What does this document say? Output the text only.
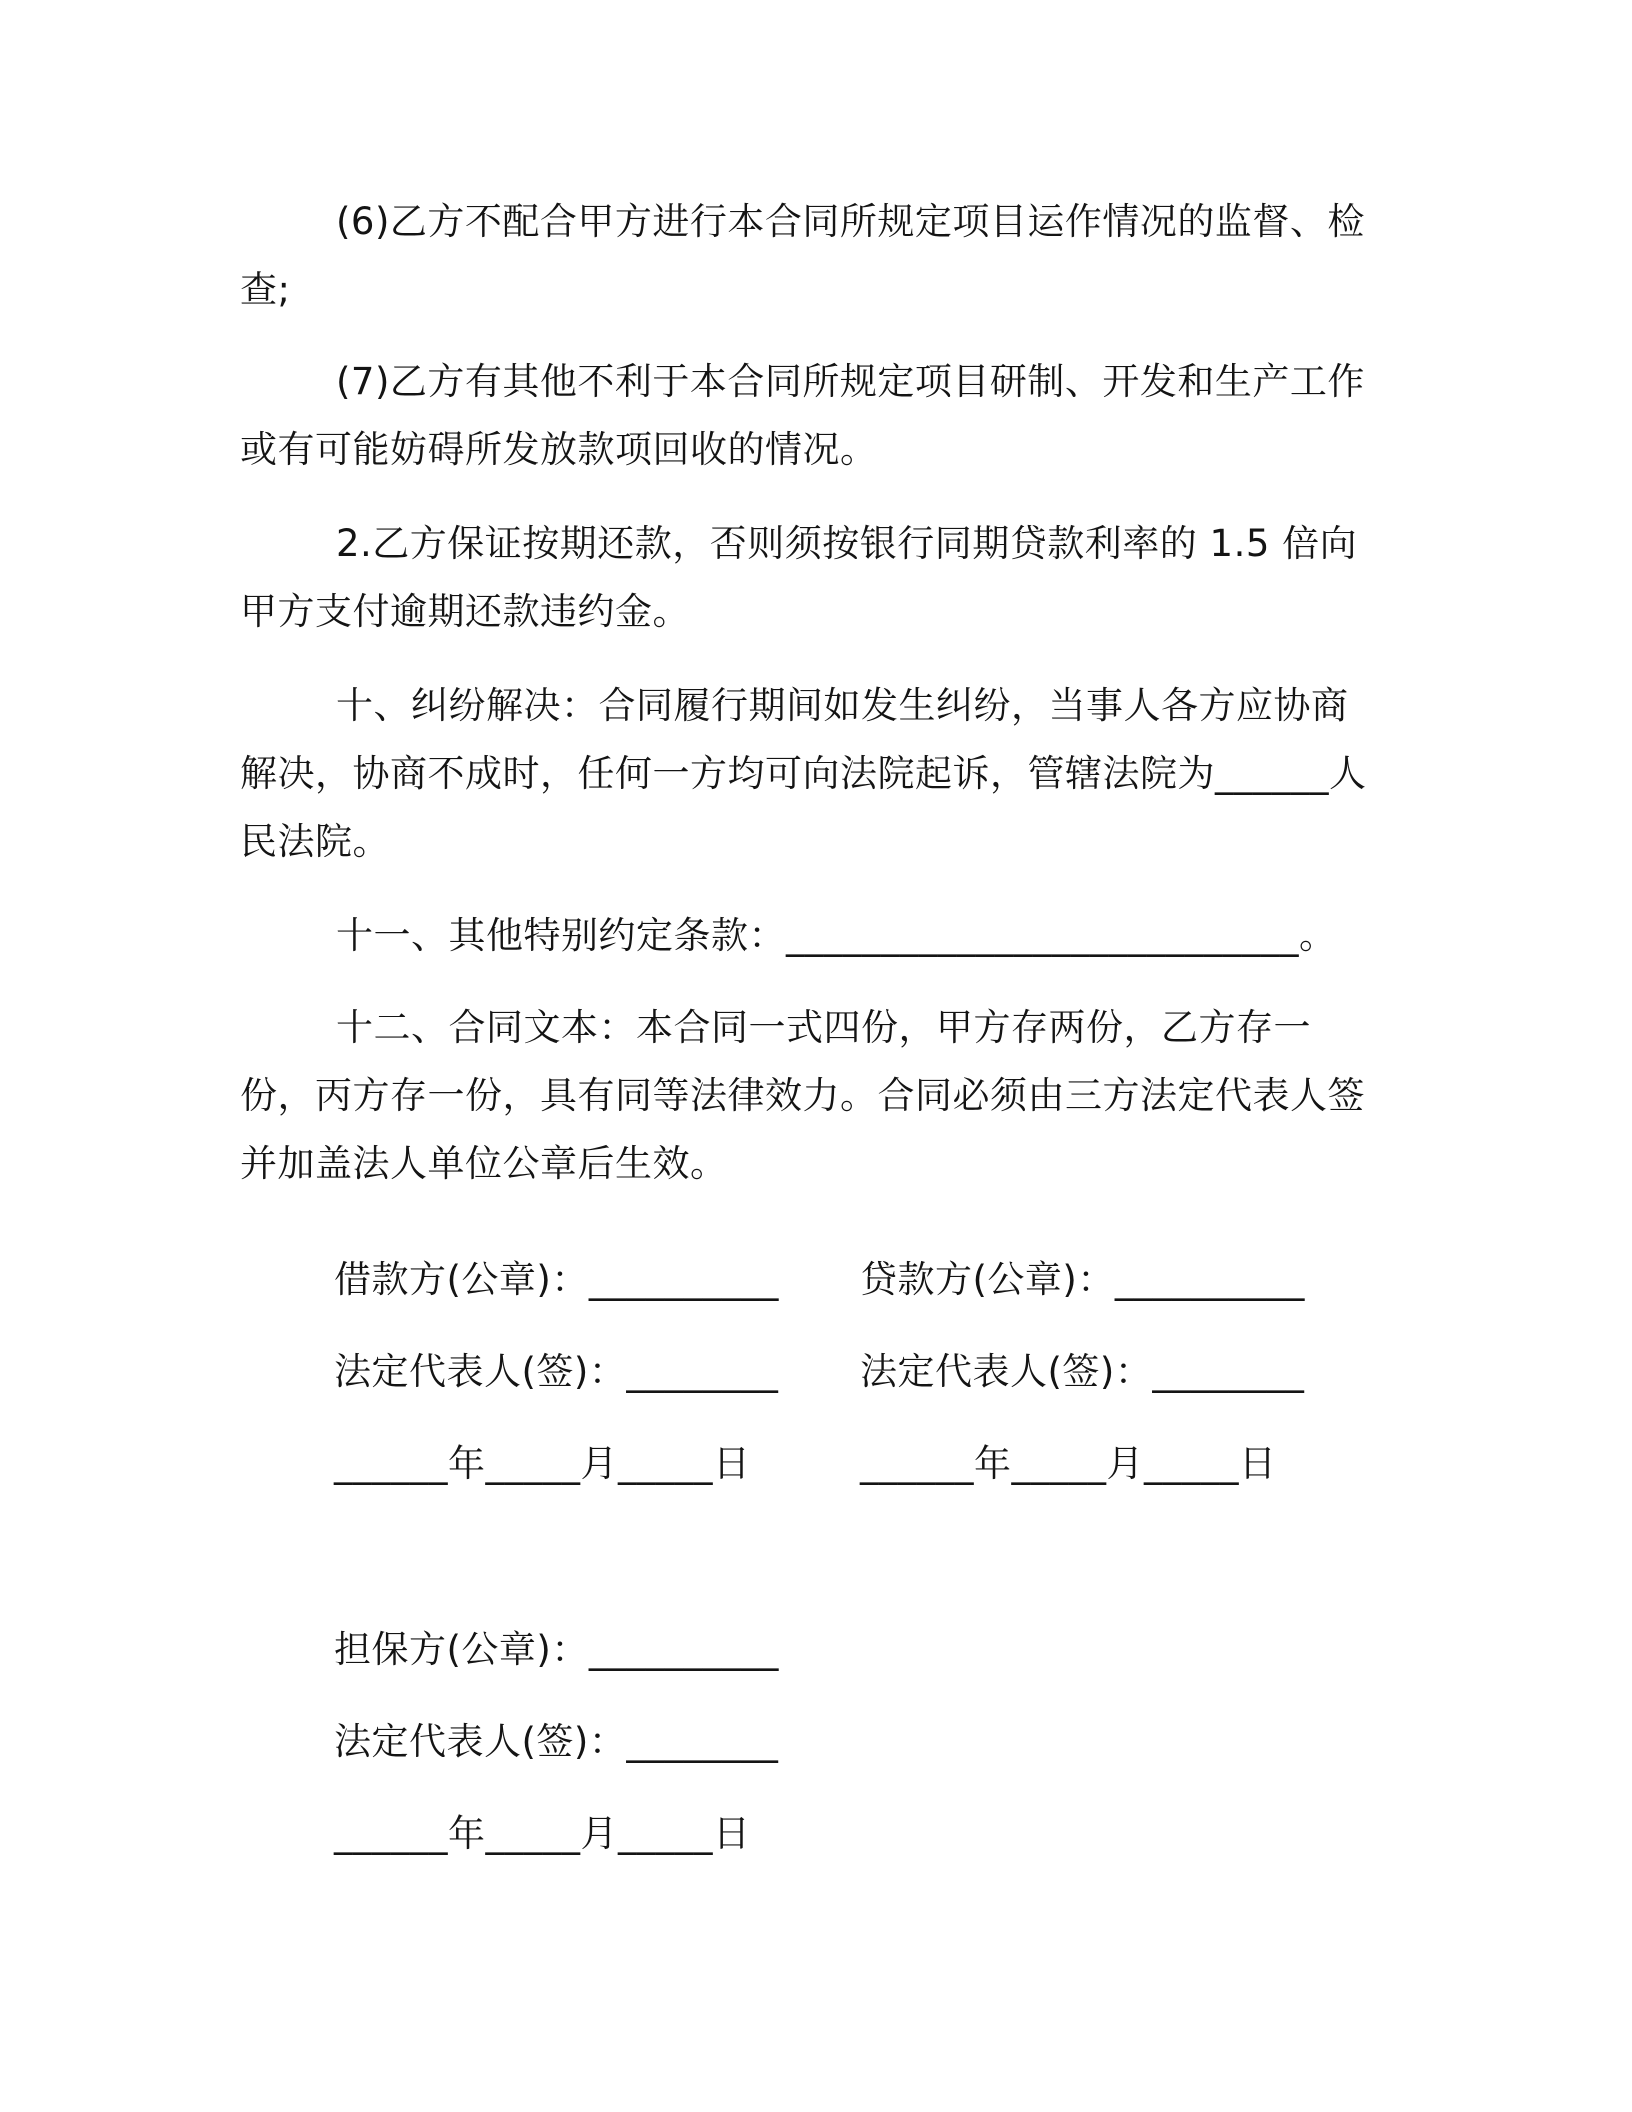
(6)乙方不配合甲方进行本合同所规定项目运作情况的监督、检查;

(7)乙方有其他不利于本合同所规定项目研制、开发和生产工作或有可能妨碍所发放款项回收的情况。

2.乙方保证按期还款，否则须按银行同期贷款利率的 1.5 倍向甲方支付逾期还款违约金。

十、纠纷解决：合同履行期间如发生纠纷，当事人各方应协商解决，协商不成时，任何一方均可向法院起诉，管辖法院为______人民法院。

十一、其他特别约定条款：___________________________。

十二、合同文本：本合同一式四份，甲方存两份，乙方存一份，丙方存一份，具有同等法律效力。合同必须由三方法定代表人签并加盖法人单位公章后生效。

借款方(公章)：__________	贷款方(公章)：__________
法定代表人(签)：________	法定代表人(签)：________
______年_____月_____日	______年_____月_____日
担保方(公章)：__________
法定代表人(签)：________
______年_____月_____日
